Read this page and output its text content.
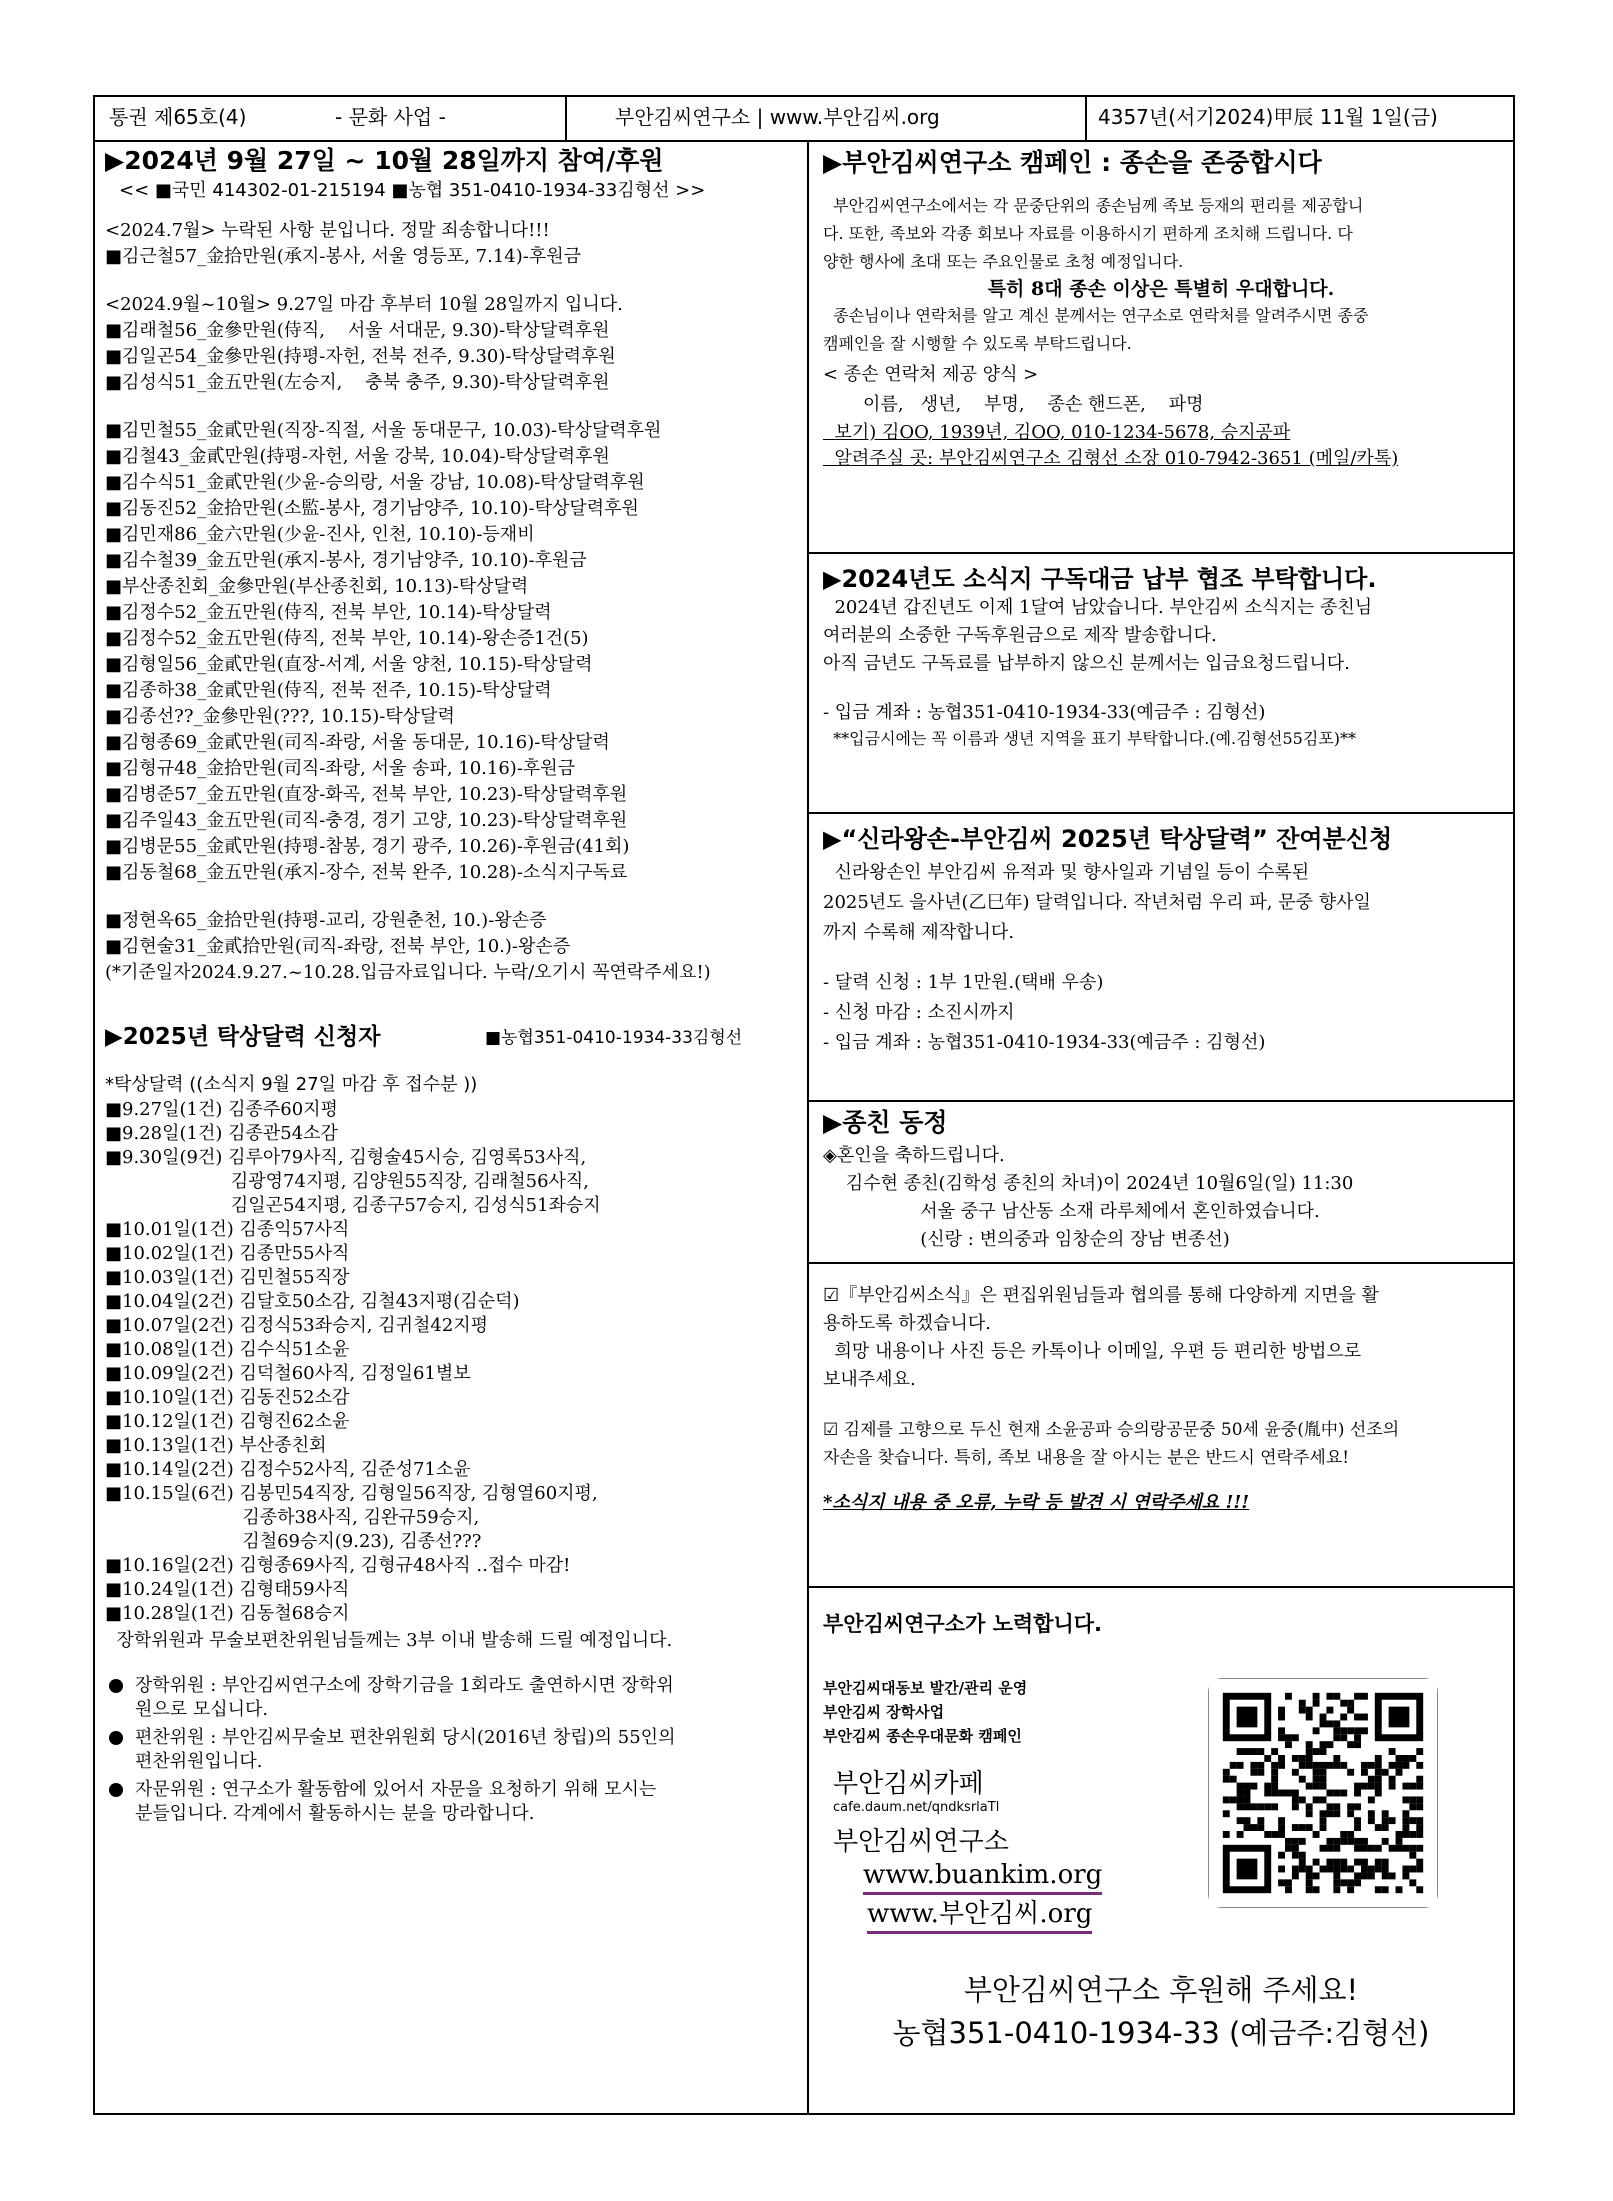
통권 제65호(4)	- 문화 사업 -	부안김씨연구소 | www.부안김씨.org	4357년(서기2024)甲辰 11월 1일(금)
▶2024년 9월 27일 ~ 10월 28일까지 참여/후원
<< ■국민 414302-01-215194 ■농협 351-0410-1934-33김형선 >>
<2024.7월> 누락된 사항 분입니다. 정말 죄송합니다!!!
■김근철57_金拾만원(承지-봉사, 서울 영등포, 7.14)-후원금
<2024.9월~10월> 9.27일 마감 후부터 10월 28일까지 입니다.
■김래철56_金參만원(侍직,    서울 서대문, 9.30)-탁상달력후원
■김일곤54_金參만원(持평-자헌, 전북 전주, 9.30)-탁상달력후원
■김성식51_金五만원(左승지,    충북 충주, 9.30)-탁상달력후원
■김민철55_金貳만원(직장-직절, 서울 동대문구, 10.03)-탁상달력후원
■김철43_金貳만원(持평-자헌, 서울 강북, 10.04)-탁상달력후원
■김수식51_金貳만원(少윤-승의랑, 서울 강남, 10.08)-탁상달력후원
■김동진52_金拾만원(소監-봉사, 경기남양주, 10.10)-탁상달력후원
■김민재86_金六만원(少윤-진사, 인천, 10.10)-등재비
■김수철39_金五만원(承지-봉사, 경기남양주, 10.10)-후원금
■부산종친회_金參만원(부산종친회, 10.13)-탁상달력
■김정수52_金五만원(侍직, 전북 부안, 10.14)-탁상달력
■김정수52_金五만원(侍직, 전북 부안, 10.14)-왕손증1건(5)
■김형일56_金貳만원(直장-서계, 서울 양천, 10.15)-탁상달력
■김종하38_金貳만원(侍직, 전북 전주, 10.15)-탁상달력
■김종선??_金參만원(???, 10.15)-탁상달력
■김형종69_金貳만원(司직-좌랑, 서울 동대문, 10.16)-탁상달력
■김형규48_金拾만원(司직-좌랑, 서울 송파, 10.16)-후원금
■김병준57_金五만원(直장-화곡, 전북 부안, 10.23)-탁상달력후원
■김주일43_金五만원(司직-충경, 경기 고양, 10.23)-탁상달력후원
■김병문55_金貳만원(持평-참봉, 경기 광주, 10.26)-후원금(41회)
■김동철68_金五만원(承지-장수, 전북 완주, 10.28)-소식지구독료
■정현옥65_金拾만원(持평-교리, 강원춘천, 10.)-왕손증
■김현술31_金貳拾만원(司직-좌랑, 전북 부안, 10.)-왕손증
(*기준일자2024.9.27.~10.28.입금자료입니다. 누락/오기시 꼭연락주세요!)
▶2025년 탁상달력 신청자	■농협351-0410-1934-33김형선
*탁상달력 ((소식지 9월 27일 마감 후 접수분 ))
■9.27일(1건) 김종주60지평
■9.28일(1건) 김종관54소감
■9.30일(9건) 김루아79사직, 김형술45시승, 김영록53사직,
김광영74지평, 김양원55직장, 김래철56사직,
김일곤54지평, 김종구57승지, 김성식51좌승지
■10.01일(1건) 김종익57사직
■10.02일(1건) 김종만55사직
■10.03일(1건) 김민철55직장
■10.04일(2건) 김달호50소감, 김철43지평(김순덕)
■10.07일(2건) 김정식53좌승지, 김귀철42지평
■10.08일(1건) 김수식51소윤
■10.09일(2건) 김덕철60사직, 김정일61별보
■10.10일(1건) 김동진52소감
■10.12일(1건) 김형진62소윤
■10.13일(1건) 부산종친회
■10.14일(2건) 김정수52사직, 김준성71소윤
■10.15일(6건) 김봉민54직장, 김형일56직장, 김형열60지평,
김종하38사직, 김완규59승지,
김철69승지(9.23), 김종선???
■10.16일(2건) 김형종69사직, 김형규48사직 ..접수 마감!
■10.24일(1건) 김형태59사직
■10.28일(1건) 김동철68승지
장학위원과 무술보편찬위원님들께는 3부 이내 발송해 드릴 예정입니다.
장학위원 : 부안김씨연구소에 장학기금을 1회라도 출연하시면 장학위
원으로 모십니다.
편찬위원 : 부안김씨무술보 편찬위원회 당시(2016년 창립)의 55인의
편찬위원입니다.
자문위원 : 연구소가 활동함에 있어서 자문을 요청하기 위해 모시는
분들입니다. 각계에서 활동하시는 분을 망라합니다.
▶부안김씨연구소 캠페인 : 종손을 존중합시다
부안김씨연구소에서는 각 문중단위의 종손님께 족보 등재의 편리를 제공합니
다. 또한, 족보와 각종 회보나 자료를 이용하시기 편하게 조치해 드립니다. 다
양한 행사에 초대 또는 주요인물로 초청 예정입니다.
특히 8대 종손 이상은 특별히 우대합니다.
종손님이나 연락처를 알고 계신 분께서는 연구소로 연락처를 알려주시면 종중
캠페인을 잘 시행할 수 있도록 부탁드립니다.
< 종손 연락처 제공 양식 >
이름,   생년,    부명,    종손 핸드폰,    파명
보기) 김OO, 1939년, 김OO, 010-1234-5678, 승지공파
알려주실 곳: 부안김씨연구소 김형선 소장 010-7942-3651 (메일/카톡)
▶2024년도 소식지 구독대금 납부 협조 부탁합니다.
2024년 갑진년도 이제 1달여 남았습니다. 부안김씨 소식지는 종친님
여러분의 소중한 구독후원금으로 제작 발송합니다.
아직 금년도 구독료를 납부하지 않으신 분께서는 입금요청드립니다.
- 입금 계좌 : 농협351-0410-1934-33(예금주 : 김형선)
**입금시에는 꼭 이름과 생년 지역을 표기 부탁합니다.(예.김형선55김포)**
▶“신라왕손-부안김씨 2025년 탁상달력” 잔여분신청
신라왕손인 부안김씨 유적과 및 향사일과 기념일 등이 수록된
2025년도 을사년(乙巳年) 달력입니다. 작년처럼 우리 파, 문중 향사일
까지 수록해 제작합니다.
- 달력 신청 : 1부 1만원.(택배 우송)
- 신청 마감 : 소진시까지
- 입금 계좌 : 농협351-0410-1934-33(예금주 : 김형선)
▶종친 동정
◈혼인을 축하드립니다.
김수현 종친(김학성 종친의 차녀)이 2024년 10월6일(일) 11:30
서울 중구 남산동 소재 라루체에서 혼인하였습니다.
(신랑 : 변의중과 임창순의 장남 변종선)
☑『부안김씨소식』은 편집위원님들과 협의를 통해 다양하게 지면을 활
용하도록 하겠습니다.
희망 내용이나 사진 등은 카톡이나 이메일, 우편 등 편리한 방법으로
보내주세요.
☑ 김제를 고향으로 두신 현재 소윤공파 승의랑공문중 50세 윤중(胤中) 선조의
자손을 찾습니다. 특히, 족보 내용을 잘 아시는 분은 반드시 연락주세요!
*소식지 내용 중 오류, 누락 등 발견 시 연락주세요 !!!
부안김씨연구소가 노력합니다.
부안김씨대동보 발간/관리 운영
부안김씨 장학사업
부안김씨 종손우대문화 캠페인
부안김씨카페
cafe.daum.net/qndksrlaTl
부안김씨연구소
www.buankim.org
www.부안김씨.org
부안김씨연구소 후원해 주세요!
농협351-0410-1934-33 (예금주:김형선)
